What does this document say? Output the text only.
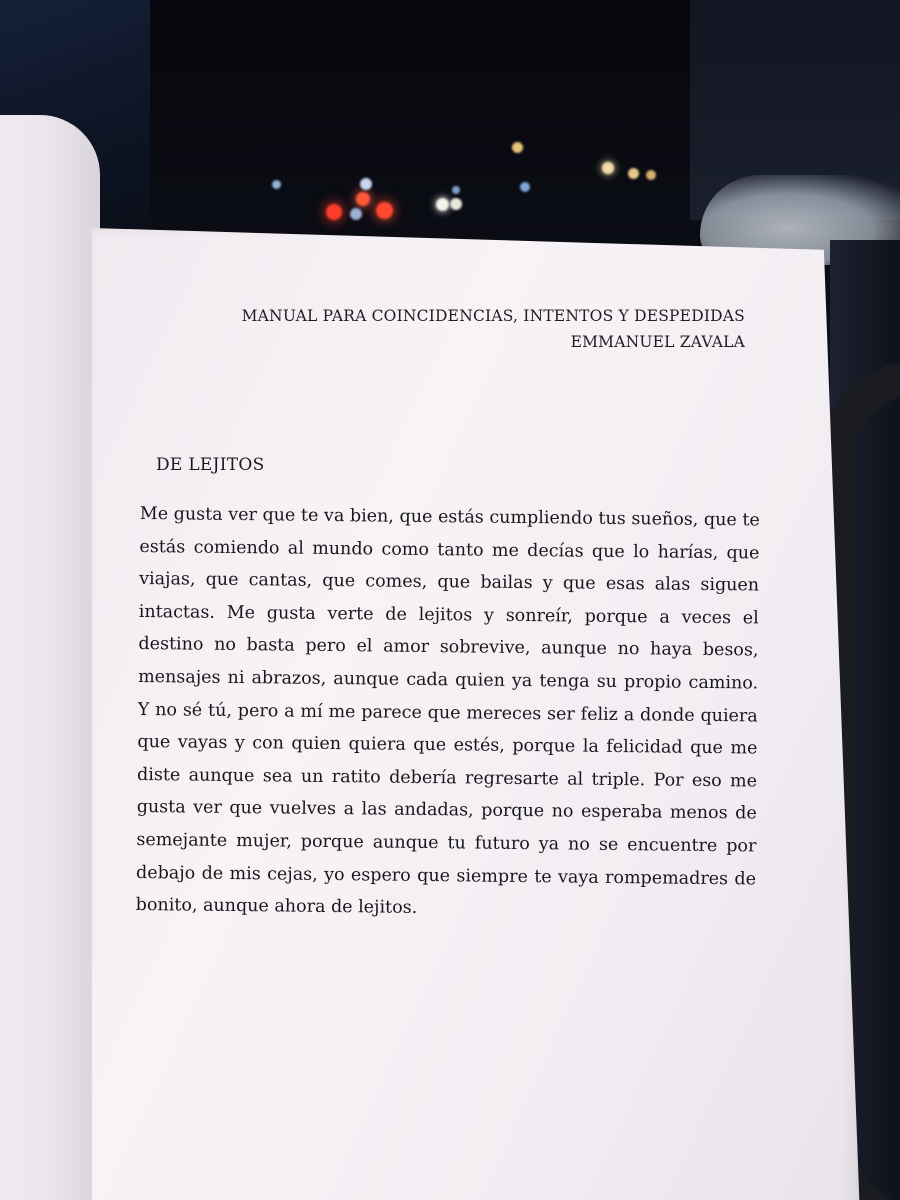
MANUAL PARA COINCIDENCIAS, INTENTOS Y DESPEDIDAS
EMMANUEL ZAVALA
DE LEJITOS
Me gusta ver que te va bien, que estás cumpliendo tus sueños, que te estás comiendo al mundo como tanto me decías que lo harías, que viajas, que cantas, que comes, que bailas y que esas alas siguen intactas. Me gusta verte de lejitos y sonreír, porque a veces el destino no basta pero el amor sobrevive, aunque no haya besos, mensajes ni abrazos, aunque cada quien ya tenga su propio camino. Y no sé tú, pero a mí me parece que mereces ser feliz a donde quiera que vayas y con quien quiera que estés, porque la felicidad que me diste aunque sea un ratito debería regresarte al triple. Por eso me gusta ver que vuelves a las andadas, porque no esperaba menos de semejante mujer, porque aunque tu futuro ya no se encuentre por debajo de mis cejas, yo espero que siempre te vaya rompemadres de bonito, aunque ahora de lejitos.
